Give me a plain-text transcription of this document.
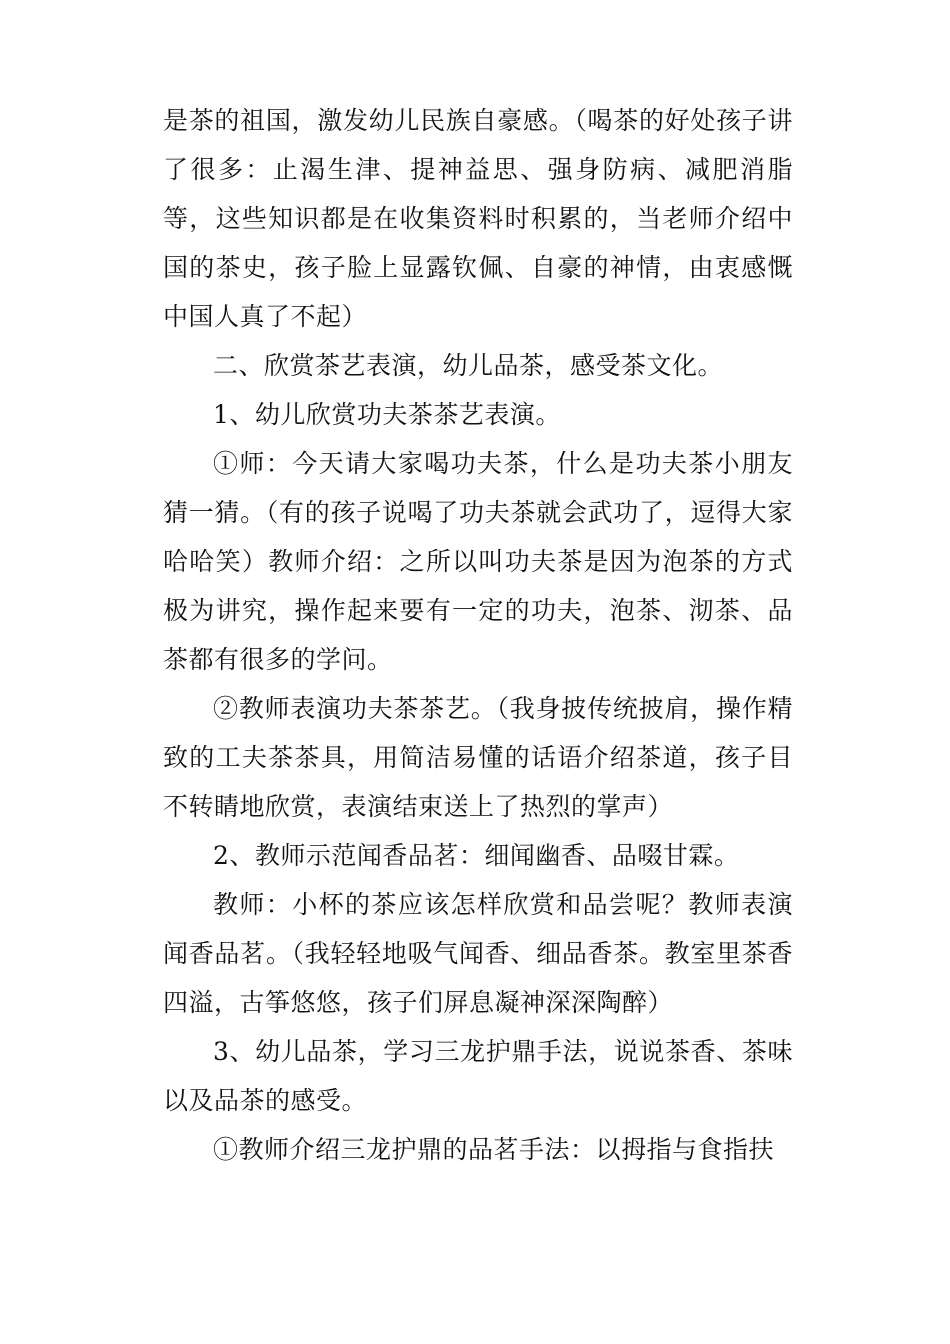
是茶的祖国，激发幼儿民族自豪感。（喝茶的好处孩子讲了很多：止渴生津、提神益思、强身防病、减肥消脂等，这些知识都是在收集资料时积累的，当老师介绍中国的茶史，孩子脸上显露钦佩、自豪的神情，由衷感慨中国人真了不起）

二、欣赏茶艺表演，幼儿品茶，感受茶文化。

1、幼儿欣赏功夫茶茶艺表演。

①师：今天请大家喝功夫茶，什么是功夫茶小朋友猜一猜。（有的孩子说喝了功夫茶就会武功了，逗得大家哈哈笑）教师介绍：之所以叫功夫茶是因为泡茶的方式极为讲究，操作起来要有一定的功夫，泡茶、沏茶、品茶都有很多的学问。

②教师表演功夫茶茶艺。（我身披传统披肩，操作精致的工夫茶茶具，用简洁易懂的话语介绍茶道，孩子目不转睛地欣赏，表演结束送上了热烈的掌声）

2、教师示范闻香品茗：细闻幽香、品啜甘霖。

教师：小杯的茶应该怎样欣赏和品尝呢？教师表演闻香品茗。（我轻轻地吸气闻香、细品香茶。教室里茶香四溢，古筝悠悠，孩子们屏息凝神深深陶醉）

3、幼儿品茶，学习三龙护鼎手法，说说茶香、茶味以及品茶的感受。

①教师介绍三龙护鼎的品茗手法：以拇指与食指扶
